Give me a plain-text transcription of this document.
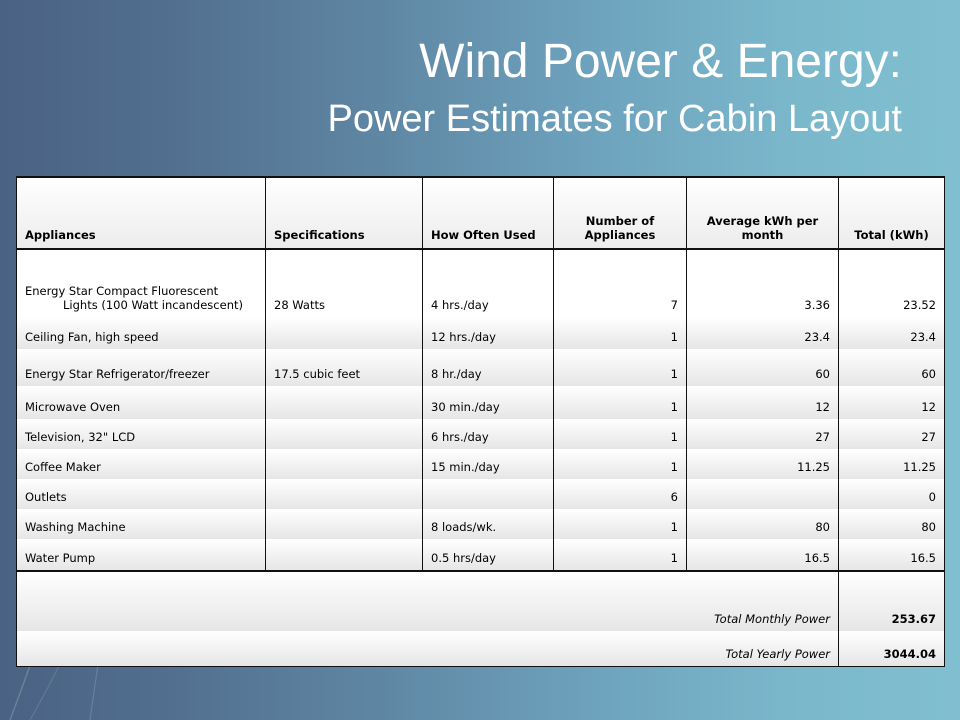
Wind Power & Energy:
Power Estimates for Cabin Layout
Appliances	Specifications	How Often Used	Number of Appliances	Average kWh per month	Total (kWh)
Energy Star Compact Fluorescent
Lights (100 Watt incandescent)	28 Watts	4 hrs./day	7	3.36	23.52
Ceiling Fan, high speed		12 hrs./day	1	23.4	23.4
Energy Star Refrigerator/freezer	17.5 cubic feet	8 hr./day	1	60	60
Microwave Oven		30 min./day	1	12	12
Television, 32" LCD		6 hrs./day	1	27	27
Coffee Maker		15 min./day	1	11.25	11.25
Outlets			6		0
Washing Machine		8 loads/wk.	1	80	80
Water Pump		0.5 hrs/day	1	16.5	16.5
Total Monthly Power					253.67
Total Yearly Power					3044.04
